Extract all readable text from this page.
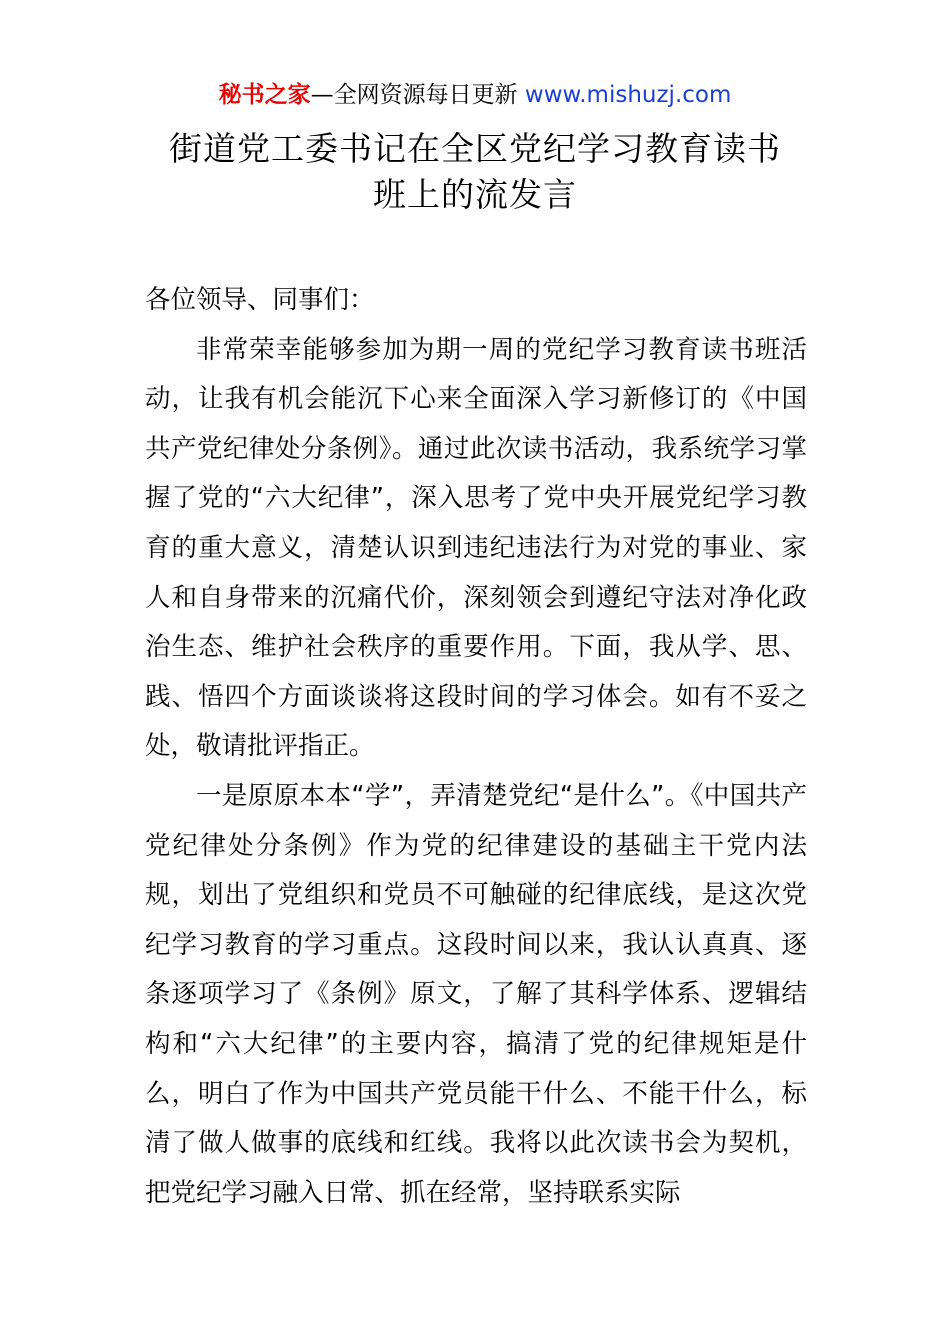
秘书之家—全网资源每日更新 www.mishuzj.com
街道党工委书记在全区党纪学习教育读书
班上的流发言

各位领导、同事们：

非常荣幸能够参加为期一周的党纪学习教育读书班活动，让我有机会能沉下心来全面深入学习新修订的《中国共产党纪律处分条例》。通过此次读书活动，我系统学习掌握了党的“六大纪律”，深入思考了党中央开展党纪学习教育的重大意义，清楚认识到违纪违法行为对党的事业、家人和自身带来的沉痛代价，深刻领会到遵纪守法对净化政治生态、维护社会秩序的重要作用。下面，我从学、思、践、悟四个方面谈谈将这段时间的学习体会。如有不妥之处，敬请批评指正。

一是原原本本“学”，弄清楚党纪“是什么”。《中国共产党纪律处分条例》作为党的纪律建设的基础主干党内法规，划出了党组织和党员不可触碰的纪律底线，是这次党纪学习教育的学习重点。这段时间以来，我认认真真、逐条逐项学习了《条例》原文，了解了其科学体系、逻辑结构和“六大纪律”的主要内容，搞清了党的纪律规矩是什么，明白了作为中国共产党员能干什么、不能干什么，标清了做人做事的底线和红线。我将以此次读书会为契机，把党纪学习融入日常、抓在经常，坚持联系实际
